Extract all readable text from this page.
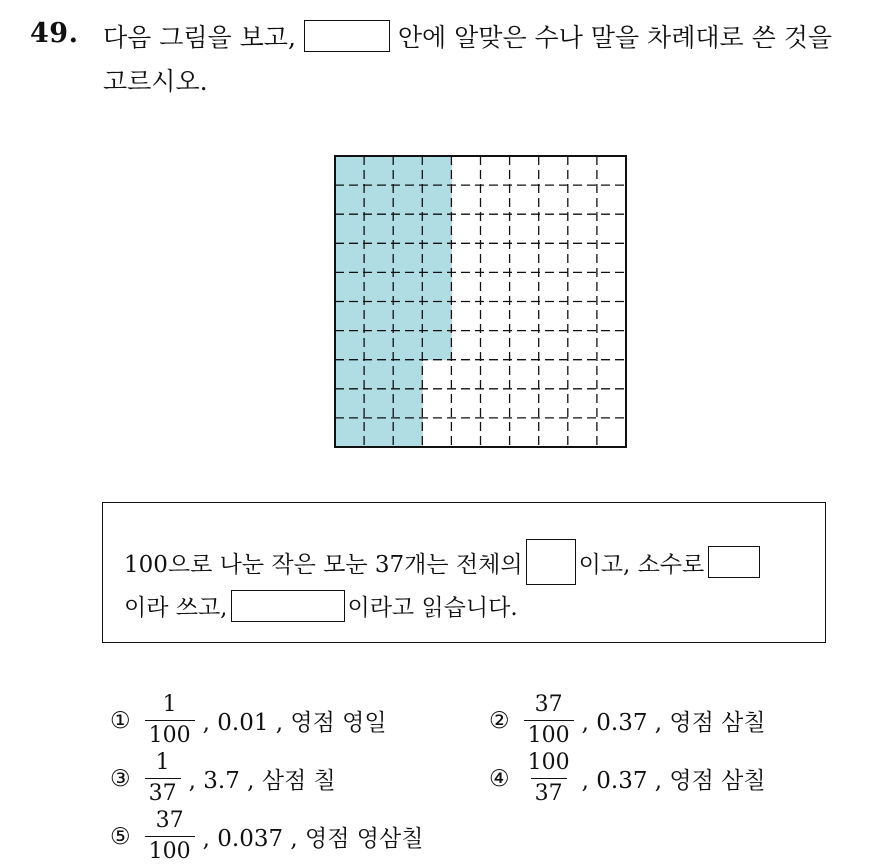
49. 다음 그림을 보고,	안에 알맞은 수나 말을 차례대로 쓴 것을
고르시오.
100으로 나눈 작은 모눈 37개는 전체의 이고, 소수로
이라 쓰고,	이라고 읽습니다.
① $\frac{1}{100}$ , 0.01 , 영점 영일	② $\frac{37}{100}$ , 0.37 , 영점 삼칠
③ $\frac{1}{37}$ , 3.7 , 삼점 칠	④ $\frac{100}{37}$ , 0.37 , 영점 삼칠
⑤ $\frac{37}{100}$ , 0.037 , 영점 영삼칠
